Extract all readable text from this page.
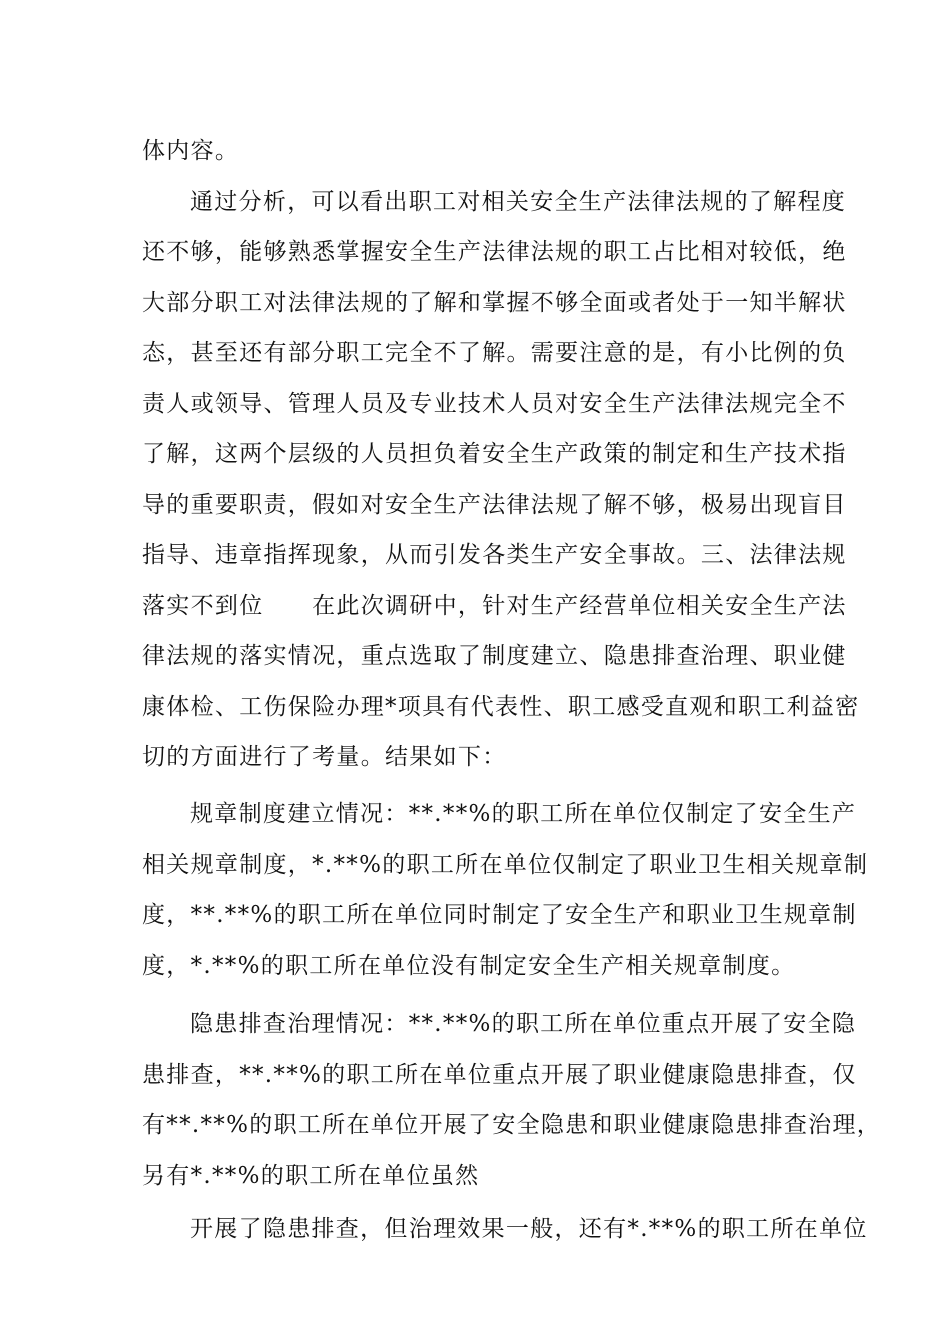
体内容。
通过分析，可以看出职工对相关安全生产法律法规的了解程度
还不够，能够熟悉掌握安全生产法律法规的职工占比相对较低，绝
大部分职工对法律法规的了解和掌握不够全面或者处于一知半解状
态，甚至还有部分职工完全不了解。需要注意的是，有小比例的负
责人或领导、管理人员及专业技术人员对安全生产法律法规完全不
了解，这两个层级的人员担负着安全生产政策的制定和生产技术指
导的重要职责，假如对安全生产法律法规了解不够，极易出现盲目
指导、违章指挥现象，从而引发各类生产安全事故。三、法律法规
落实不到位　　在此次调研中，针对生产经营单位相关安全生产法
律法规的落实情况，重点选取了制度建立、隐患排查治理、职业健
康体检、工伤保险办理*项具有代表性、职工感受直观和职工利益密
切的方面进行了考量。结果如下：
规章制度建立情况：**.**%的职工所在单位仅制定了安全生产
相关规章制度，*.**%的职工所在单位仅制定了职业卫生相关规章制
度，**.**%的职工所在单位同时制定了安全生产和职业卫生规章制
度，*.**%的职工所在单位没有制定安全生产相关规章制度。
隐患排查治理情况：**.**%的职工所在单位重点开展了安全隐
患排查，**.**%的职工所在单位重点开展了职业健康隐患排查，仅
有**.**%的职工所在单位开展了安全隐患和职业健康隐患排查治理，
另有*.**%的职工所在单位虽然
开展了隐患排查，但治理效果一般，还有*.**%的职工所在单位
